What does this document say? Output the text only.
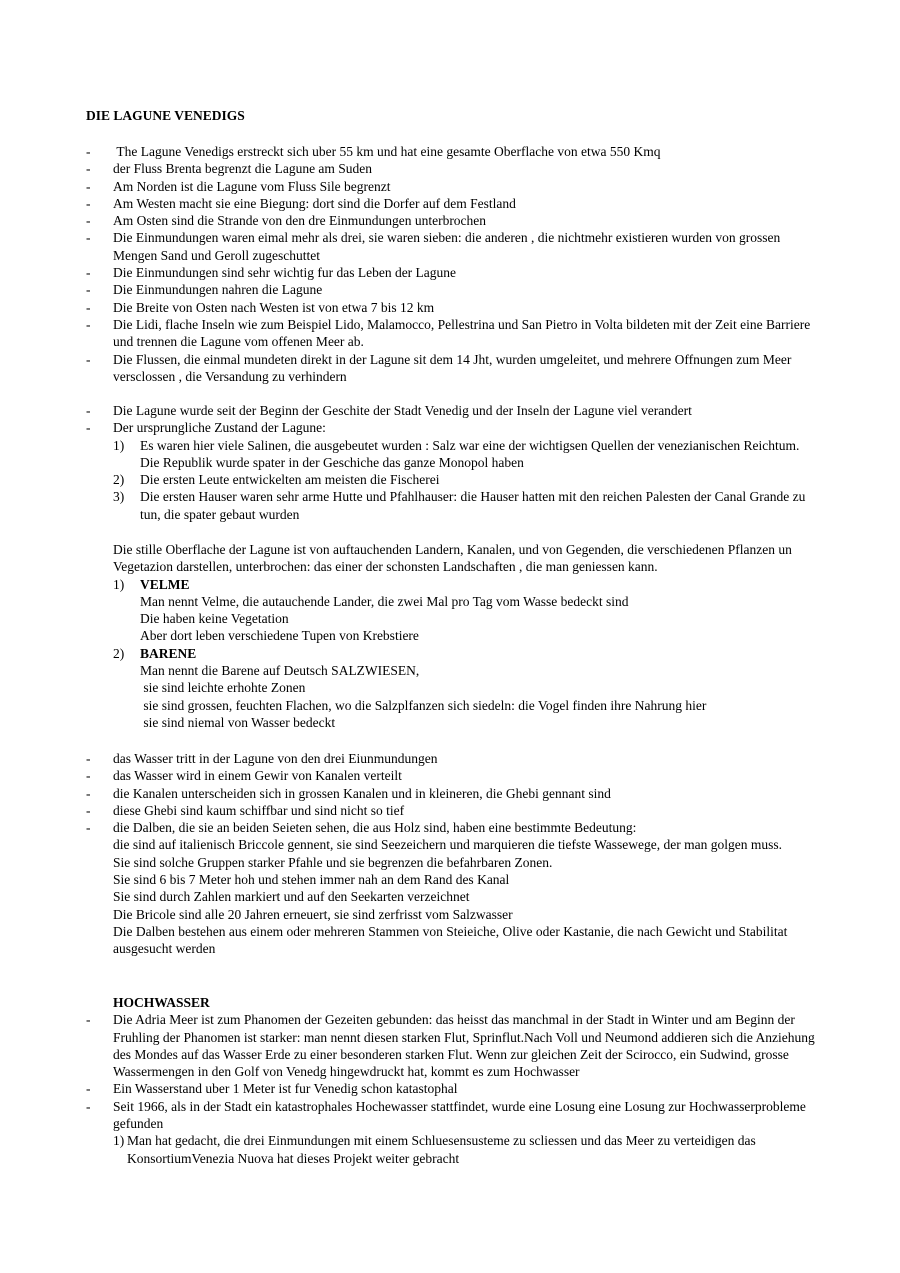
DIE LAGUNE VENEDIGS
-	The Lagune Venedigs erstreckt sich uber 55 km und hat eine gesamte Oberflache von etwa 550 Kmq
-	der Fluss Brenta begrenzt die Lagune am Suden
-	Am Norden ist die Lagune vom Fluss Sile begrenzt
-	Am Westen macht sie eine Biegung: dort sind die Dorfer auf dem Festland
-	Am Osten sind die Strande von den dre Einmundungen unterbrochen
-	Die Einmundungen waren eimal mehr als drei, sie waren sieben: die anderen , die nichtmehr existieren wurden von grossen Mengen Sand und Geroll zugeschuttet
-	Die Einmundungen sind sehr wichtig fur das Leben der Lagune
-	Die Einmundungen nahren die Lagune
-	Die Breite von Osten nach Westen ist von etwa 7 bis 12 km
-	Die Lidi, flache Inseln wie zum Beispiel Lido, Malamocco, Pellestrina und San Pietro in Volta bildeten mit der Zeit eine Barriere und trennen die Lagune vom offenen Meer ab.
-	Die Flussen, die einmal mundeten direkt in der Lagune sit dem 14 Jht, wurden umgeleitet, und mehrere Offnungen zum Meer versclossen , die Versandung zu verhindern
-	Die Lagune wurde seit der Beginn der Geschite der Stadt Venedig und der Inseln der Lagune viel verandert
-	Der ursprungliche Zustand der Lagune:
1)	Es waren hier viele Salinen, die ausgebeutet wurden : Salz war eine der wichtigsen Quellen der venezianischen Reichtum. Die Republik wurde spater in der Geschiche das ganze Monopol haben
2)	Die ersten Leute entwickelten am meisten die Fischerei
3)	Die ersten Hauser waren sehr arme Hutte und Pfahlhauser: die Hauser hatten mit den reichen Palesten der Canal Grande zu tun, die spater gebaut wurden
Die stille Oberflache der Lagune ist von auftauchenden Landern, Kanalen, und von Gegenden, die verschiedenen Pflanzen un Vegetazion darstellen, unterbrochen: das einer der schonsten Landschaften , die man geniessen kann.
1)	VELME
Man nennt Velme, die autauchende Lander, die zwei Mal pro Tag vom Wasse bedeckt sind
Die haben keine Vegetation
Aber dort leben verschiedene Tupen von Krebstiere
2)	BARENE
Man nennt die Barene auf Deutsch SALZWIESEN,
sie sind leichte erhohte Zonen
sie sind grossen, feuchten Flachen, wo die Salzplfanzen sich siedeln: die Vogel finden ihre Nahrung hier
sie sind niemal von Wasser bedeckt
-	das Wasser tritt in der Lagune von den drei Eiunmundungen
-	das Wasser wird in einem Gewir von Kanalen verteilt
-	die Kanalen unterscheiden sich in grossen Kanalen und in kleineren, die Ghebi gennant sind
-	diese Ghebi sind kaum schiffbar und sind nicht so tief
-	die Dalben, die sie an beiden Seieten sehen, die aus Holz sind, haben eine bestimmte Bedeutung:
die sind auf italienisch Briccole gennent, sie sind Seezeichern und marquieren die tiefste Wassewege, der man golgen muss.
Sie sind solche Gruppen starker Pfahle und sie begrenzen die befahrbaren Zonen.
Sie sind 6 bis 7 Meter hoh und stehen immer nah an dem Rand des Kanal
Sie sind durch Zahlen markiert und auf den Seekarten verzeichnet
Die Bricole sind alle 20 Jahren erneuert, sie sind zerfrisst vom Salzwasser
Die Dalben bestehen aus einem oder mehreren Stammen von Steieiche, Olive oder Kastanie, die nach Gewicht und Stabilitat ausgesucht werden
HOCHWASSER
-	Die Adria Meer ist zum Phanomen der Gezeiten gebunden: das heisst das manchmal in der Stadt in Winter und am Beginn der Fruhling der Phanomen ist starker: man nennt diesen starken Flut, Sprinflut.Nach Voll und Neumond addieren sich die Anziehung des Mondes auf das Wasser Erde zu einer besonderen starken Flut. Wenn zur gleichen Zeit der Scirocco, ein Sudwind, grosse Wassermengen in den Golf von Venedg hingewdruckt hat, kommt es zum Hochwasser
-	Ein Wasserstand uber 1 Meter ist fur Venedig schon katastophal
-	Seit 1966, als in der Stadt ein katastrophales Hochewasser stattfindet, wurde eine Losung eine Losung zur Hochwasserprobleme gefunden
1) Man hat gedacht, die drei Einmundungen mit einem Schluesensusteme zu scliessen und das Meer zu verteidigen das KonsortiumVenezia Nuova hat dieses Projekt weiter gebracht
